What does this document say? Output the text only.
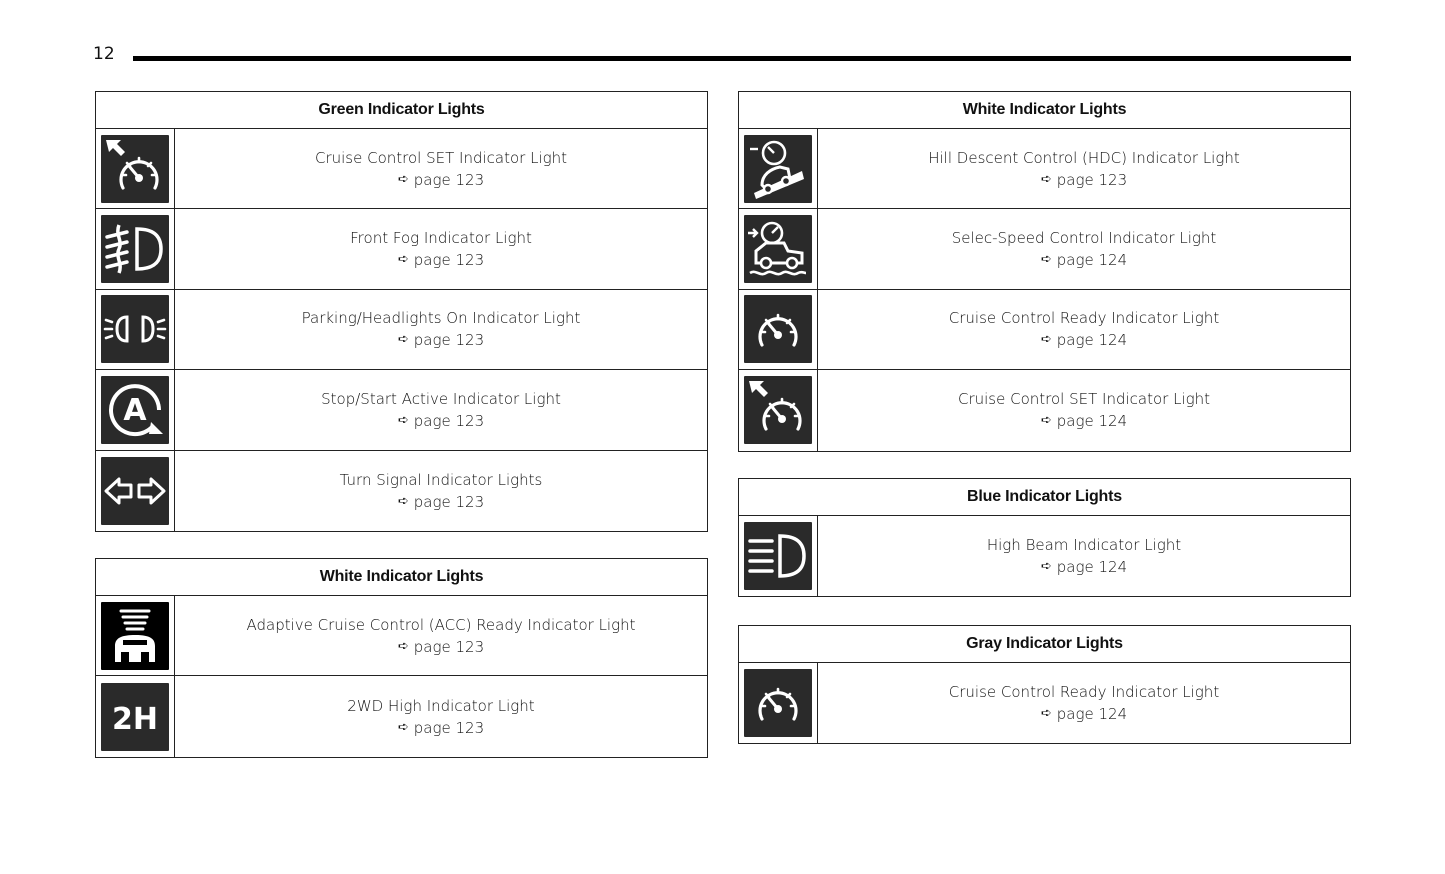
12
Green Indicator Lights
Cruise Control SET Indicator Light
➪ page 123
Front Fog Indicator Light
➪ page 123
Parking/Headlights On Indicator Light
➪ page 123
A	Stop/Start Active Indicator Light
➪ page 123
Turn Signal Indicator Lights
➪ page 123
White Indicator Lights
Adaptive Cruise Control (ACC) Ready Indicator Light
➪ page 123
2H	2WD High Indicator Light
➪ page 123
White Indicator Lights
Hill Descent Control (HDC) Indicator Light
➪ page 123
Selec-Speed Control Indicator Light
➪ page 124
Cruise Control Ready Indicator Light
➪ page 124
Cruise Control SET Indicator Light
➪ page 124
Blue Indicator Lights
High Beam Indicator Light
➪ page 124
Gray Indicator Lights
Cruise Control Ready Indicator Light
➪ page 124
